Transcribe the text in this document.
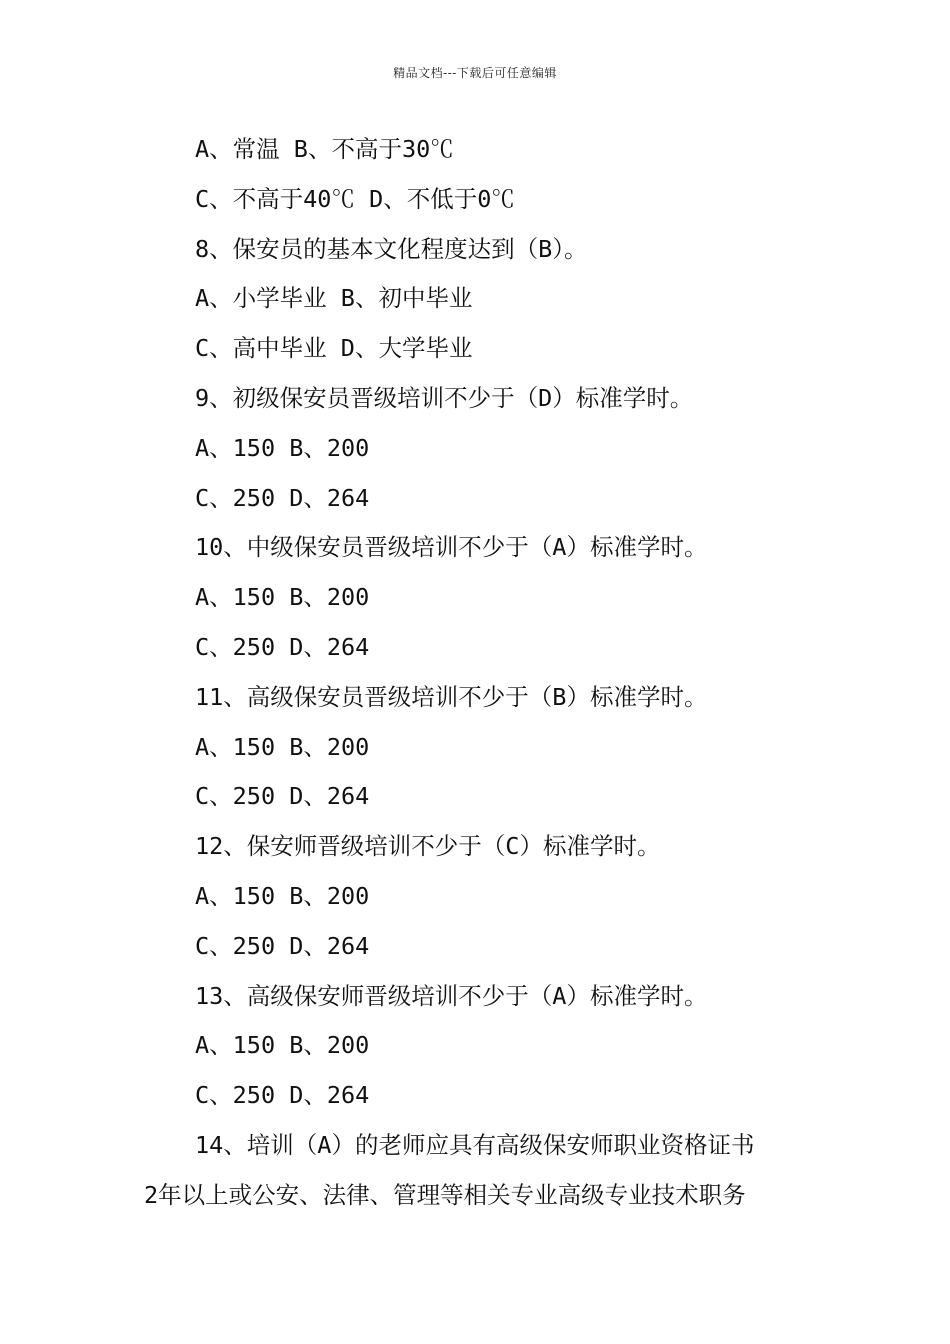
精品文档---下载后可任意编辑
A、常温 B、不高于30℃
C、不高于40℃ D、不低于0℃
8、保安员的基本文化程度达到（B）。
A、小学毕业 B、初中毕业
C、高中毕业 D、大学毕业
9、初级保安员晋级培训不少于（D）标准学时。
A、150 B、200
C、250 D、264
10、中级保安员晋级培训不少于（A）标准学时。
A、150 B、200
C、250 D、264
11、高级保安员晋级培训不少于（B）标准学时。
A、150 B、200
C、250 D、264
12、保安师晋级培训不少于（C）标准学时。
A、150 B、200
C、250 D、264
13、高级保安师晋级培训不少于（A）标准学时。
A、150 B、200
C、250 D、264
14、培训（A）的老师应具有高级保安师职业资格证书
2年以上或公安、法律、管理等相关专业高级专业技术职务
